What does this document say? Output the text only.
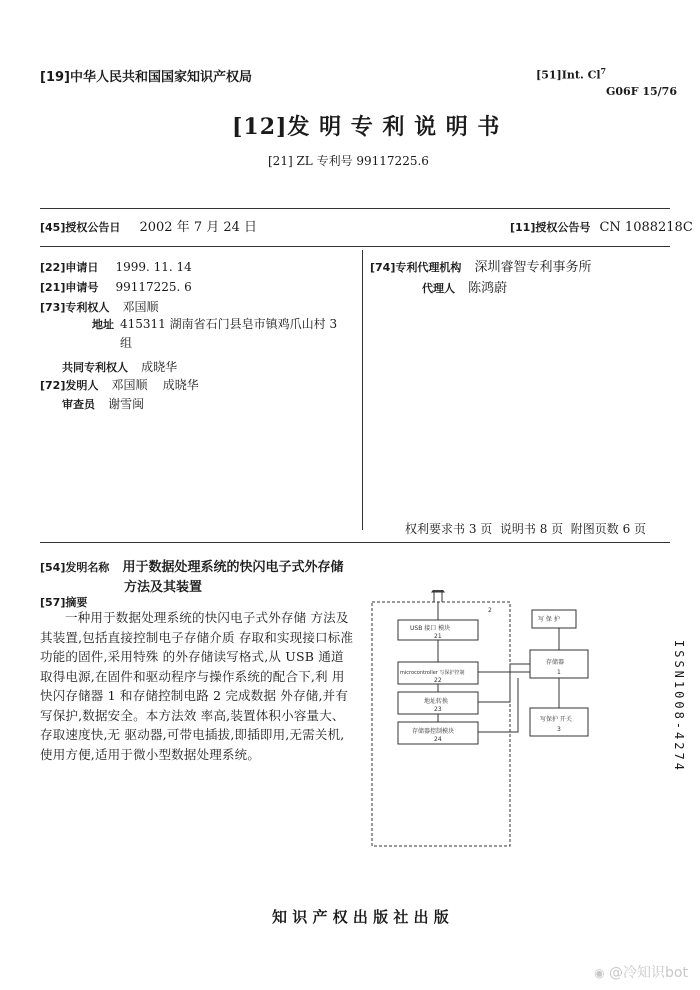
[19]中华人民共和国国家知识产权局	[51]Int. Cl$^7$
G06F 15/76
[12]发 明 专 利 说 明 书
[21] ZL 专利号 99117225.6
[45]授权公告日 2002 年 7 月 24 日	[11]授权公告号 CN 1088218C
[22]申请日 1999. 11. 14
[21]申请号 99117225. 6
[73]专利权人 邓国顺
地址 415311 湖南省石门县皂市镇鸡爪山村 3
组
共同专利权人 成晓华
[72]发明人 邓国顺    成晓华
审查员 谢雪闽
[74]专利代理机构 深圳睿智专利事务所
代理人 陈鸿蔚
权利要求书 3 页  说明书 8 页  附图页数 6 页
[54]发明名称 用于数据处理系统的快闪电子式外存储
方法及其装置
[57]摘要
一种用于数据处理系统的快闪电子式外存储 方法及其装置,包括直接控制电子存储介质 存取和实现接口标准功能的固件,采用特殊 的外存储读写格式,从 USB 通道取得电源,在固件和驱动程序与操作系统的配合下,利 用快闪存储器 1 和存储控制电路 2 完成数据 外存储,并有写保护,数据安全。本方法效 率高,装置体积小容量大、存取速度快,无 驱动器,可带电插拔,即插即用,无需关机,使用方便,适用于微小型数据处理系统。
USB 接口 模块
21
microcontroller 写保护控制
22
地址转换
23
存储器控制模块
24
写 保 护
存储器
1
写保护 开关
3
2
ISSN1008-4274
知 识 产 权 出 版 社 出 版
◉ @冷知识bot
